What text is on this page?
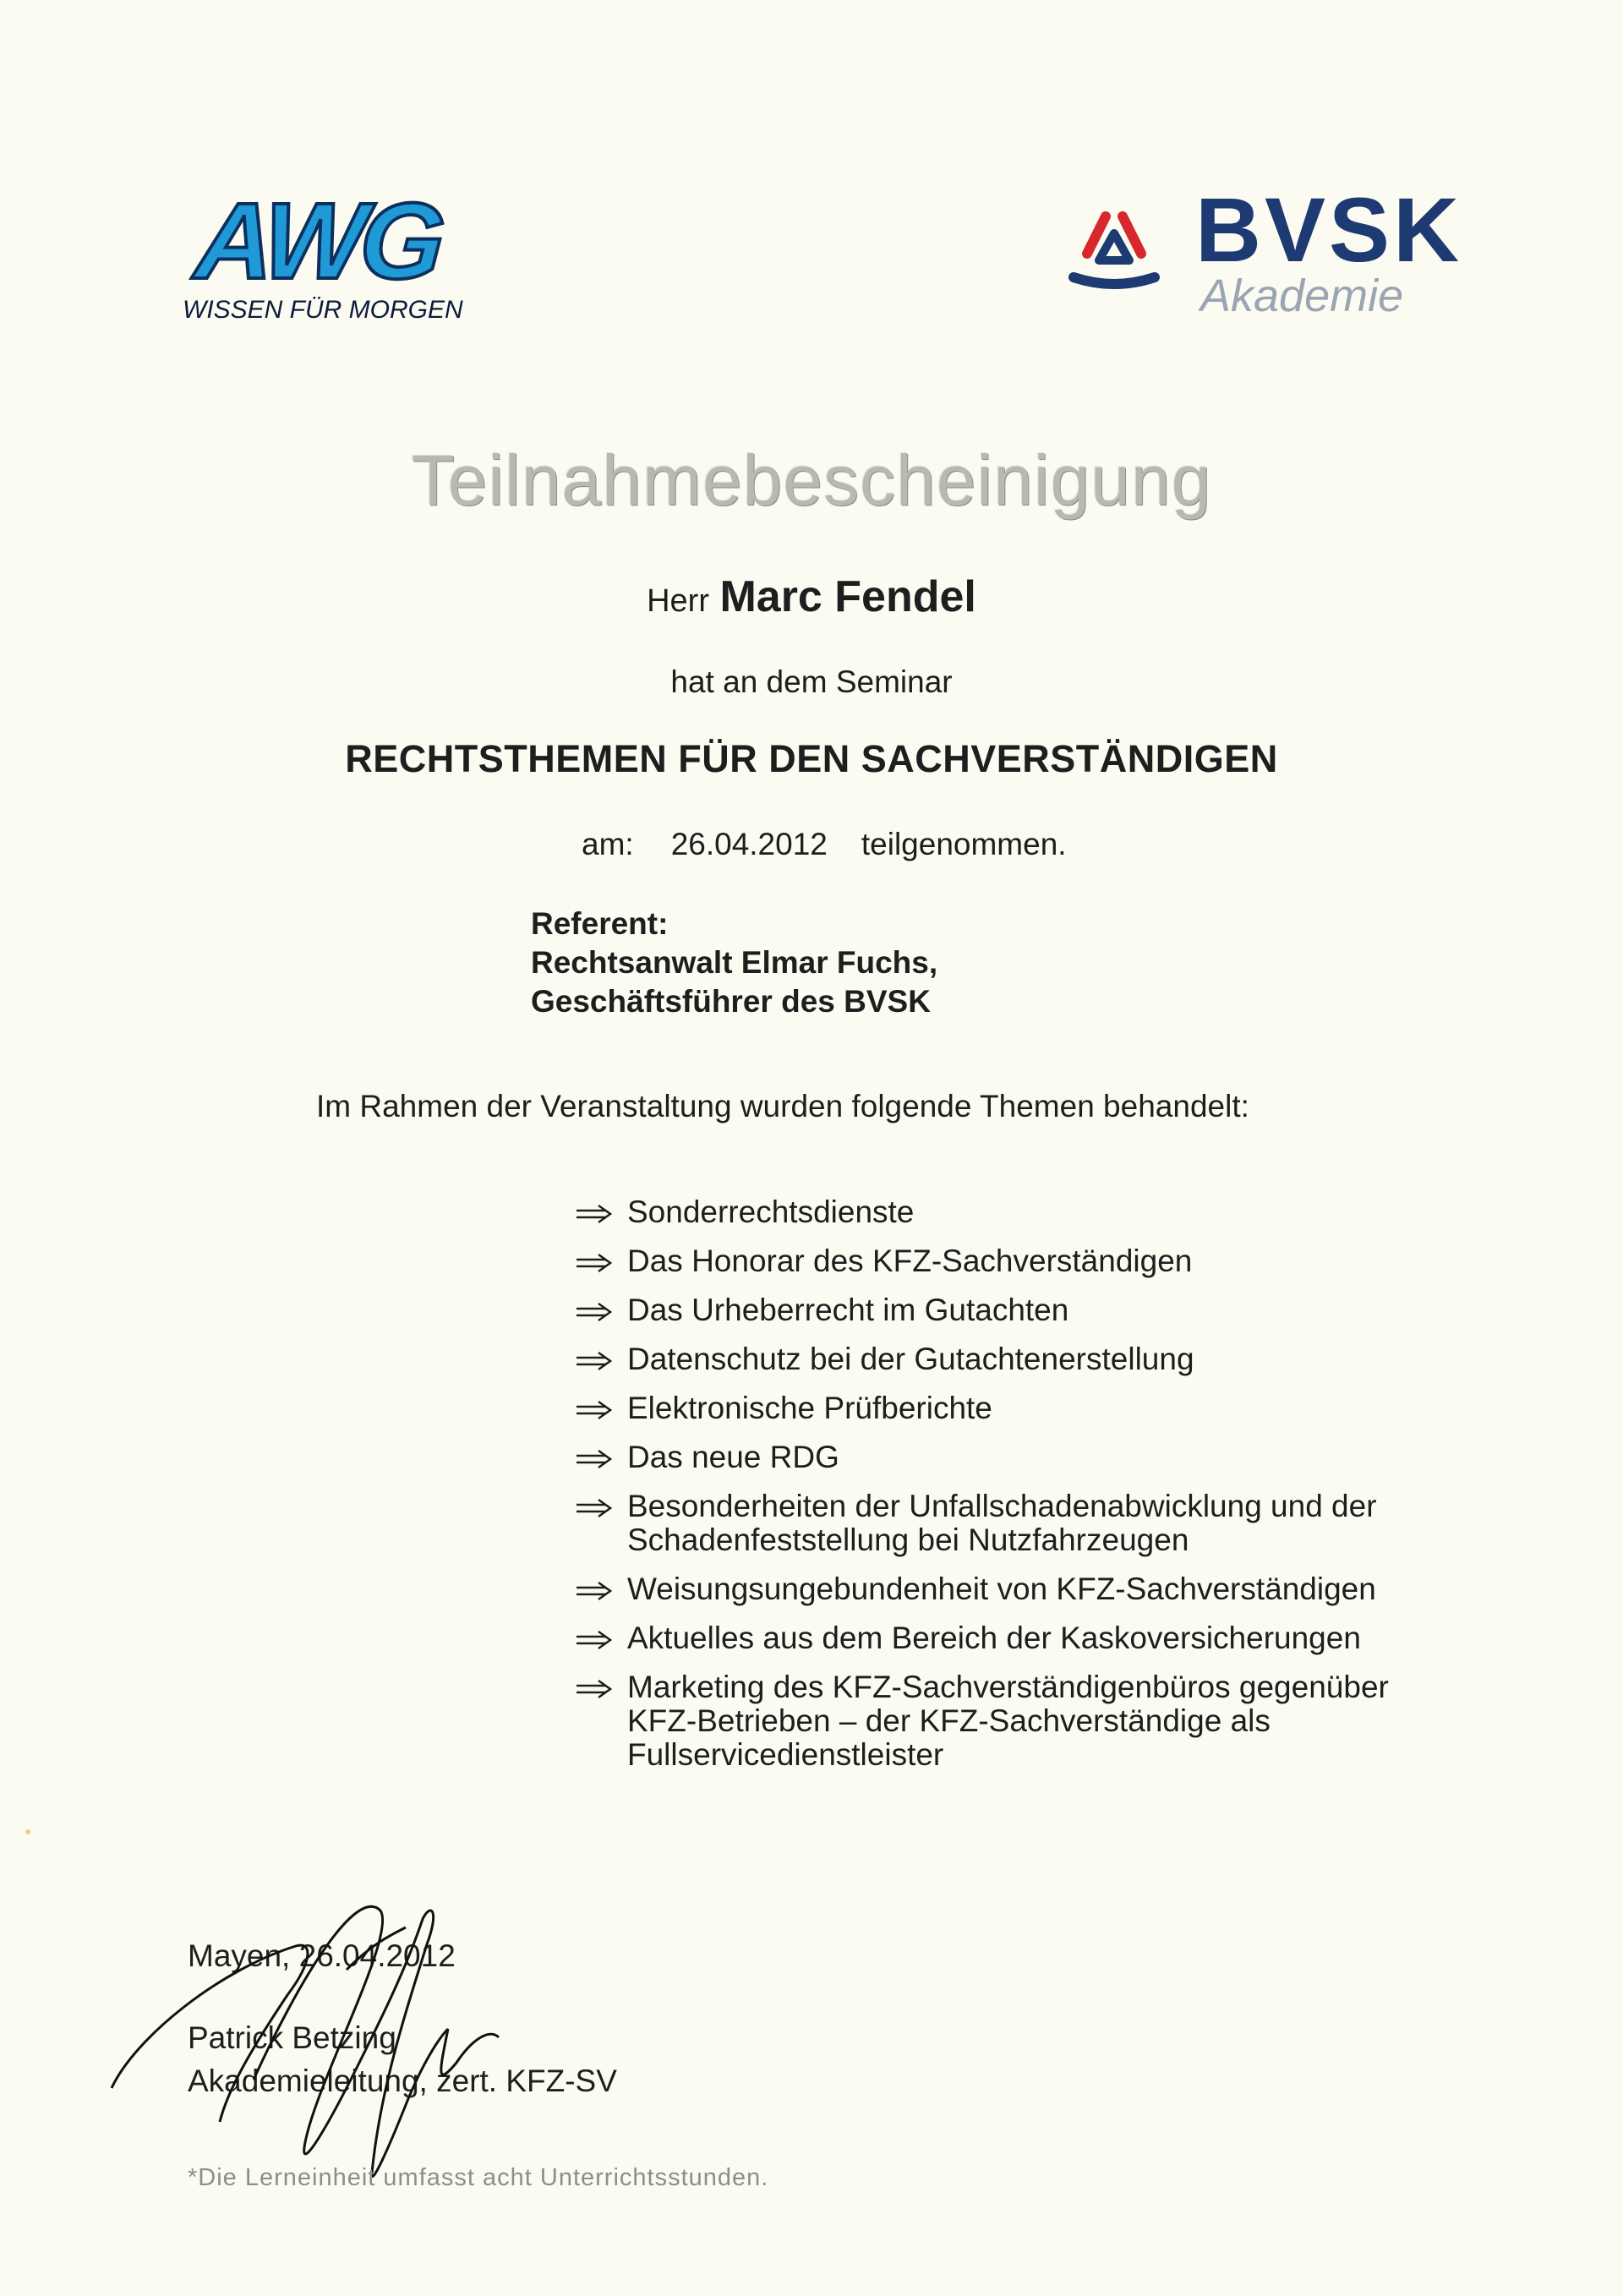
AWG
WISSEN FÜR MORGEN
BVSK
Akademie
Teilnahmebescheinigung
Herr Marc Fendel
hat an dem Seminar
RECHTSTHEMEN FÜR DEN SACHVERSTÄNDIGEN
am: 26.04.2012 teilgenommen.
Referent:
Rechtsanwalt Elmar Fuchs,
Geschäftsführer des BVSK
Im Rahmen der Veranstaltung wurden folgende Themen behandelt:
Sonderrechtsdienste
Das Honorar des KFZ-Sachverständigen
Das Urheberrecht im Gutachten
Datenschutz bei der Gutachtenerstellung
Elektronische Prüfberichte
Das neue RDG
Besonderheiten der Unfallschadenabwicklung und der Schadenfeststellung bei Nutzfahrzeugen
Weisungsungebundenheit von KFZ-Sachverständigen
Aktuelles aus dem Bereich der Kaskoversicherungen
Marketing des KFZ-Sachverständigenbüros gegenüber KFZ-Betrieben – der KFZ-Sachverständige als Fullservicedienstleister
Mayen, 26.04.2012
Patrick Betzing
Akademieleitung, zert. KFZ-SV
*Die Lerneinheit umfasst acht Unterrichtsstunden.
